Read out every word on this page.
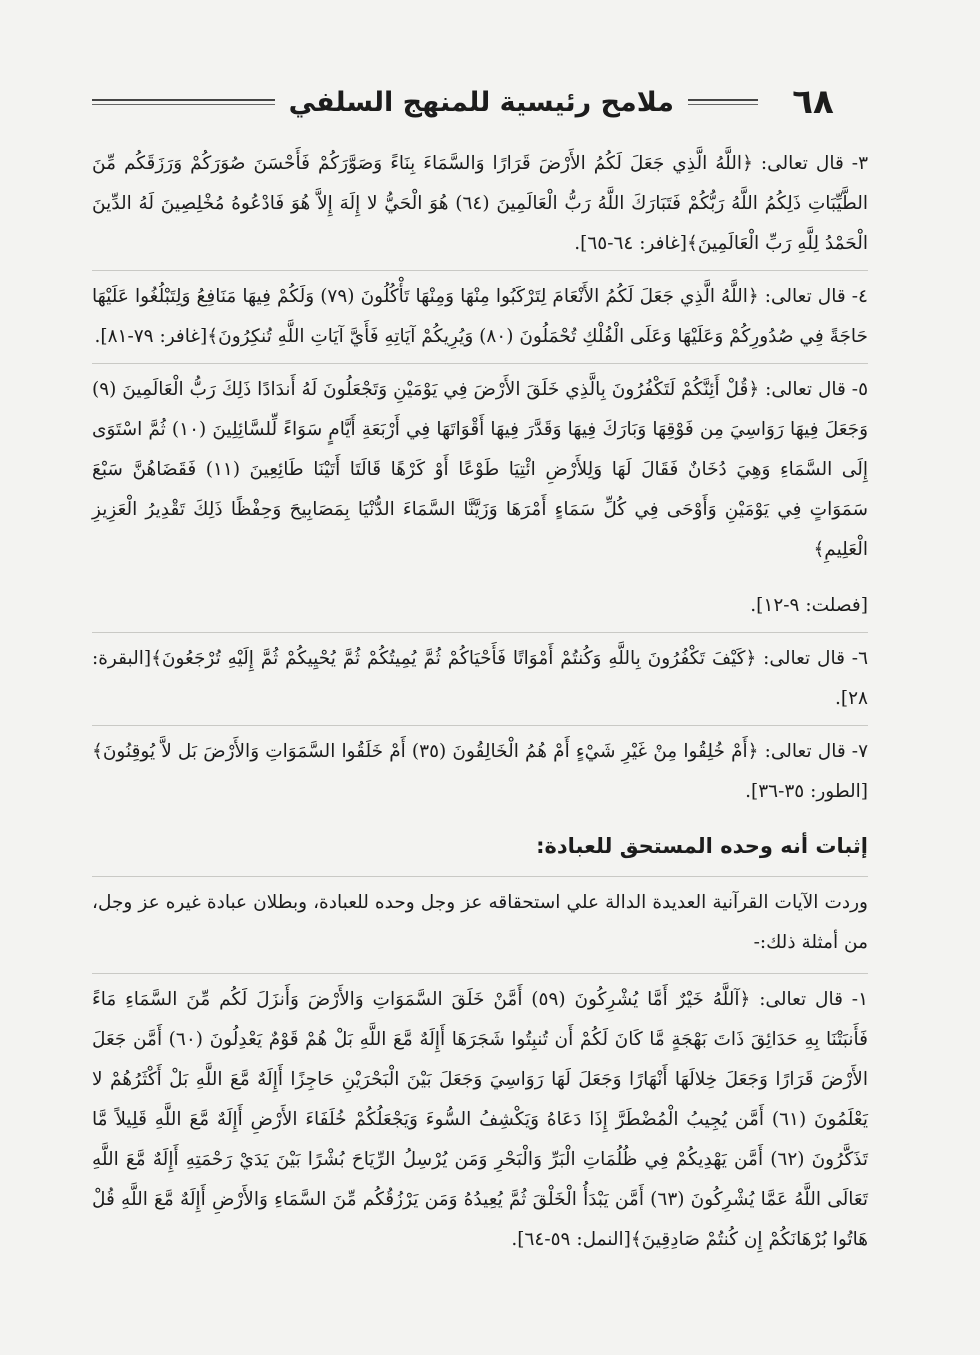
٦٨
ملامح رئيسية للمنهج السلفي

٣- قال تعالى: ﴿اللَّهُ الَّذِي جَعَلَ لَكُمُ الأَرْضَ قَرَارًا وَالسَّمَاءَ بِنَاءً وَصَوَّرَكُمْ فَأَحْسَنَ صُوَرَكُمْ وَرَزَقَكُم مِّنَ الطَّيِّبَاتِ ذَلِكُمُ اللَّهُ رَبُّكُمْ فَتَبَارَكَ اللَّهُ رَبُّ الْعَالَمِينَ (٦٤) هُوَ الْحَيُّ لا إِلَهَ إِلاَّ هُوَ فَادْعُوهُ مُخْلِصِينَ لَهُ الدِّينَ الْحَمْدُ لِلَّهِ رَبِّ الْعَالَمِينَ﴾[غافر: ٦٤-٦٥].

٤- قال تعالى: ﴿اللَّهُ الَّذِي جَعَلَ لَكُمُ الأَنْعَامَ لِتَرْكَبُوا مِنْهَا وَمِنْهَا تَأْكُلُونَ (٧٩) وَلَكُمْ فِيهَا مَنَافِعُ وَلِتَبْلُغُوا عَلَيْهَا حَاجَةً فِي صُدُورِكُمْ وَعَلَيْهَا وَعَلَى الْفُلْكِ تُحْمَلُونَ (٨٠) وَيُرِيكُمْ آيَاتِهِ فَأَيَّ آيَاتِ اللَّهِ تُنكِرُونَ﴾[غافر: ٧٩-٨١].

٥- قال تعالى: ﴿قُلْ أَئِنَّكُمْ لَتَكْفُرُونَ بِالَّذِي خَلَقَ الأَرْضَ فِي يَوْمَيْنِ وَتَجْعَلُونَ لَهُ أَندَادًا ذَلِكَ رَبُّ الْعَالَمِينَ (٩) وَجَعَلَ فِيهَا رَوَاسِيَ مِن فَوْقِهَا وَبَارَكَ فِيهَا وَقَدَّرَ فِيهَا أَقْوَاتَهَا فِي أَرْبَعَةِ أَيَّامٍ سَوَاءً لِّلسَّائِلِينَ (١٠) ثُمَّ اسْتَوَى إِلَى السَّمَاءِ وَهِيَ دُخَانٌ فَقَالَ لَهَا وَلِلأَرْضِ ائْتِيَا طَوْعًا أَوْ كَرْهًا قَالَتَا أَتَيْنَا طَائِعِينَ (١١) فَقَضَاهُنَّ سَبْعَ سَمَوَاتٍ فِي يَوْمَيْنِ وَأَوْحَى فِي كُلِّ سَمَاءٍ أَمْرَهَا وَزَيَّنَّا السَّمَاءَ الدُّنْيَا بِمَصَابِيحَ وَحِفْظًا ذَلِكَ تَقْدِيرُ الْعَزِيزِ الْعَلِيمِ﴾

[فصلت: ٩-١٢].

٦- قال تعالى: ﴿كَيْفَ تَكْفُرُونَ بِاللَّهِ وَكُنتُمْ أَمْوَاتًا فَأَحْيَاكُمْ ثُمَّ يُمِيتُكُمْ ثُمَّ يُحْيِيكُمْ ثُمَّ إِلَيْهِ تُرْجَعُونَ﴾[البقرة: ٢٨].

٧- قال تعالى: ﴿أَمْ خُلِقُوا مِنْ غَيْرِ شَيْءٍ أَمْ هُمُ الْخَالِقُونَ (٣٥) أَمْ خَلَقُوا السَّمَوَاتِ وَالأَرْضَ بَل لاَّ يُوقِنُونَ﴾[الطور: ٣٥-٣٦].

إثبات أنه وحده المستحق للعبادة:

وردت الآيات القرآنية العديدة الدالة علي استحقاقه عز وجل وحده للعبادة، وبطلان عبادة غيره عز وجل، من أمثلة ذلك:-

١- قال تعالى: ﴿آللَّهُ خَيْرٌ أَمَّا يُشْرِكُونَ (٥٩) أَمَّنْ خَلَقَ السَّمَوَاتِ وَالأَرْضَ وَأَنزَلَ لَكُم مِّنَ السَّمَاءِ مَاءً فَأَنبَتْنَا بِهِ حَدَائِقَ ذَاتَ بَهْجَةٍ مَّا كَانَ لَكُمْ أَن تُنبِتُوا شَجَرَهَا أَإِلَهٌ مَّعَ اللَّهِ بَلْ هُمْ قَوْمٌ يَعْدِلُونَ (٦٠) أَمَّن جَعَلَ الأَرْضَ قَرَارًا وَجَعَلَ خِلالَهَا أَنْهَارًا وَجَعَلَ لَهَا رَوَاسِيَ وَجَعَلَ بَيْنَ الْبَحْرَيْنِ حَاجِزًا أَإِلَهٌ مَّعَ اللَّهِ بَلْ أَكْثَرُهُمْ لا يَعْلَمُونَ (٦١) أَمَّن يُجِيبُ الْمُضْطَرَّ إِذَا دَعَاهُ وَيَكْشِفُ السُّوءَ وَيَجْعَلُكُمْ خُلَفَاءَ الأَرْضِ أَإِلَهٌ مَّعَ اللَّهِ قَلِيلاً مَّا تَذَكَّرُونَ (٦٢) أَمَّن يَهْدِيكُمْ فِي ظُلُمَاتِ الْبَرِّ وَالْبَحْرِ وَمَن يُرْسِلُ الرِّيَاحَ بُشْرًا بَيْنَ يَدَيْ رَحْمَتِهِ أَإِلَهٌ مَّعَ اللَّهِ تَعَالَى اللَّهُ عَمَّا يُشْرِكُونَ (٦٣) أَمَّن يَبْدَأُ الْخَلْقَ ثُمَّ يُعِيدُهُ وَمَن يَرْزُقُكُم مِّنَ السَّمَاءِ وَالأَرْضِ أَإِلَهٌ مَّعَ اللَّهِ قُلْ هَاتُوا بُرْهَانَكُمْ إِن كُنتُمْ صَادِقِينَ﴾[النمل: ٥٩-٦٤].
